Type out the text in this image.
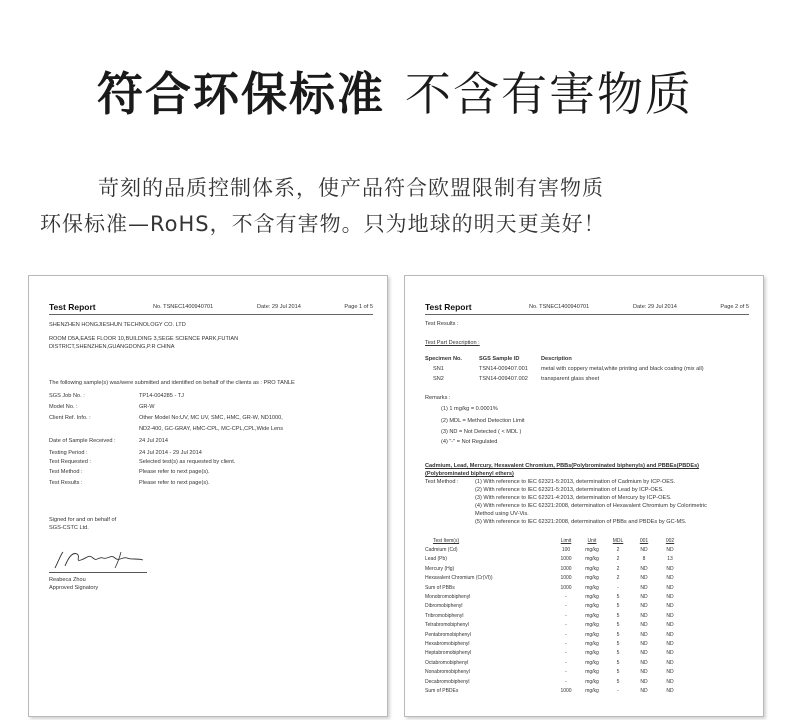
符合环保标准 不含有害物质
苛刻的品质控制体系，使产品符合欧盟限制有害物质
环保标准—RoHS，不含有害物。只为地球的明天更美好！
Test Report	No. TSNEC1400940701	Date: 29 Jul 2014	Page 1 of 5
SHENZHEN HONGJIESHUN TECHNOLOGY CO. LTD
ROOM D5A,EASE FLOOR 10,BUILDING 3,SEGE SCIENCE PARK,FUTIAN
DISTRICT,SHENZHEN,GUANGDONG,P.R CHINA
The following sample(s) was/were submitted and identified on behalf of the clients as : PRO TANLE
SGS Job No. :	TP14-004285 - TJ
Model No. :	GR-W
Client Ref. Info. :	Other Model No:UV, MC UV, SMC, HMC, GR-W, ND1000,
ND2-400, GC-GRAY, HMC-CPL, MC-CPL,CPL,Wide Lens
Date of Sample Received :	24 Jul 2014
Testing Period :	24 Jul 2014 - 29 Jul 2014
Test Requested :	Selected test(s) as requested by client.
Test Method :	Please refer to next page(s).
Test Results :	Please refer to next page(s).
Signed for and on behalf of
SGS-CSTC Ltd.
Reabeca Zhou
Approved Signatory
Test Report	No. TSNEC1400940701	Date: 29 Jul 2014	Page 2 of 5
Test Results :
Test Part Description :
Specimen No.	SGS Sample ID	Description
SN1	TSN14-009407.001 metal with coppery metal,white printing and black coating (mix all)
SN2	TSN14-009407.002 transparent glass sheet
Remarks :
(1) 1 mg/kg = 0.0001%
(2) MDL = Method Detection Limit
(3) ND = Not Detected ( < MDL )
(4) "-" = Not Regulated
Cadmium, Lead, Mercury, Hexavalent Chromium, PBBs(Polybrominated biphenyls) and PBBEs(PBDEs)
(Polybrominated biphenyl ethers)
Test Method :	(1) With reference to IEC 62321-5:2013, determination of Cadmium by ICP-OES.
(2) With reference to IEC 62321-5:2013, determination of Lead by ICP-OES.
(3) With reference to IEC 62321-4:2013, determination of Mercury by ICP-OES.
(4) With reference to IEC 62321:2008, determination of Hexavalent Chromium by Colorimetric
Method using UV-Vis.
(5) With reference to IEC 62321:2008, determination of PBBs and PBDEs by GC-MS.
Test Item(s)	Limit	Unit	MDL	001	002
Cadmium (Cd)	100	mg/kg	2	ND	ND
Lead (Pb)	1000	mg/kg	2	8	13
Mercury (Hg)	1000	mg/kg	2	ND	ND
Hexavalent Chromium (Cr(VI))	1000	mg/kg	2	ND	ND
Sum of PBBs	1000	mg/kg	-	ND	ND
Monobromobiphenyl	-	mg/kg	5	ND	ND
Dibromobiphenyl	-	mg/kg	5	ND	ND
Tribromobiphenyl	-	mg/kg	5	ND	ND
Tetrabromobiphenyl	-	mg/kg	5	ND	ND
Pentabromobiphenyl	-	mg/kg	5	ND	ND
Hexabromobiphenyl	-	mg/kg	5	ND	ND
Heptabromobiphenyl	-	mg/kg	5	ND	ND
Octabromobiphenyl	-	mg/kg	5	ND	ND
Nonabromobiphenyl	-	mg/kg	5	ND	ND
Decabromobiphenyl	-	mg/kg	5	ND	ND
Sum of PBDEs	1000	mg/kg	-	ND	ND
